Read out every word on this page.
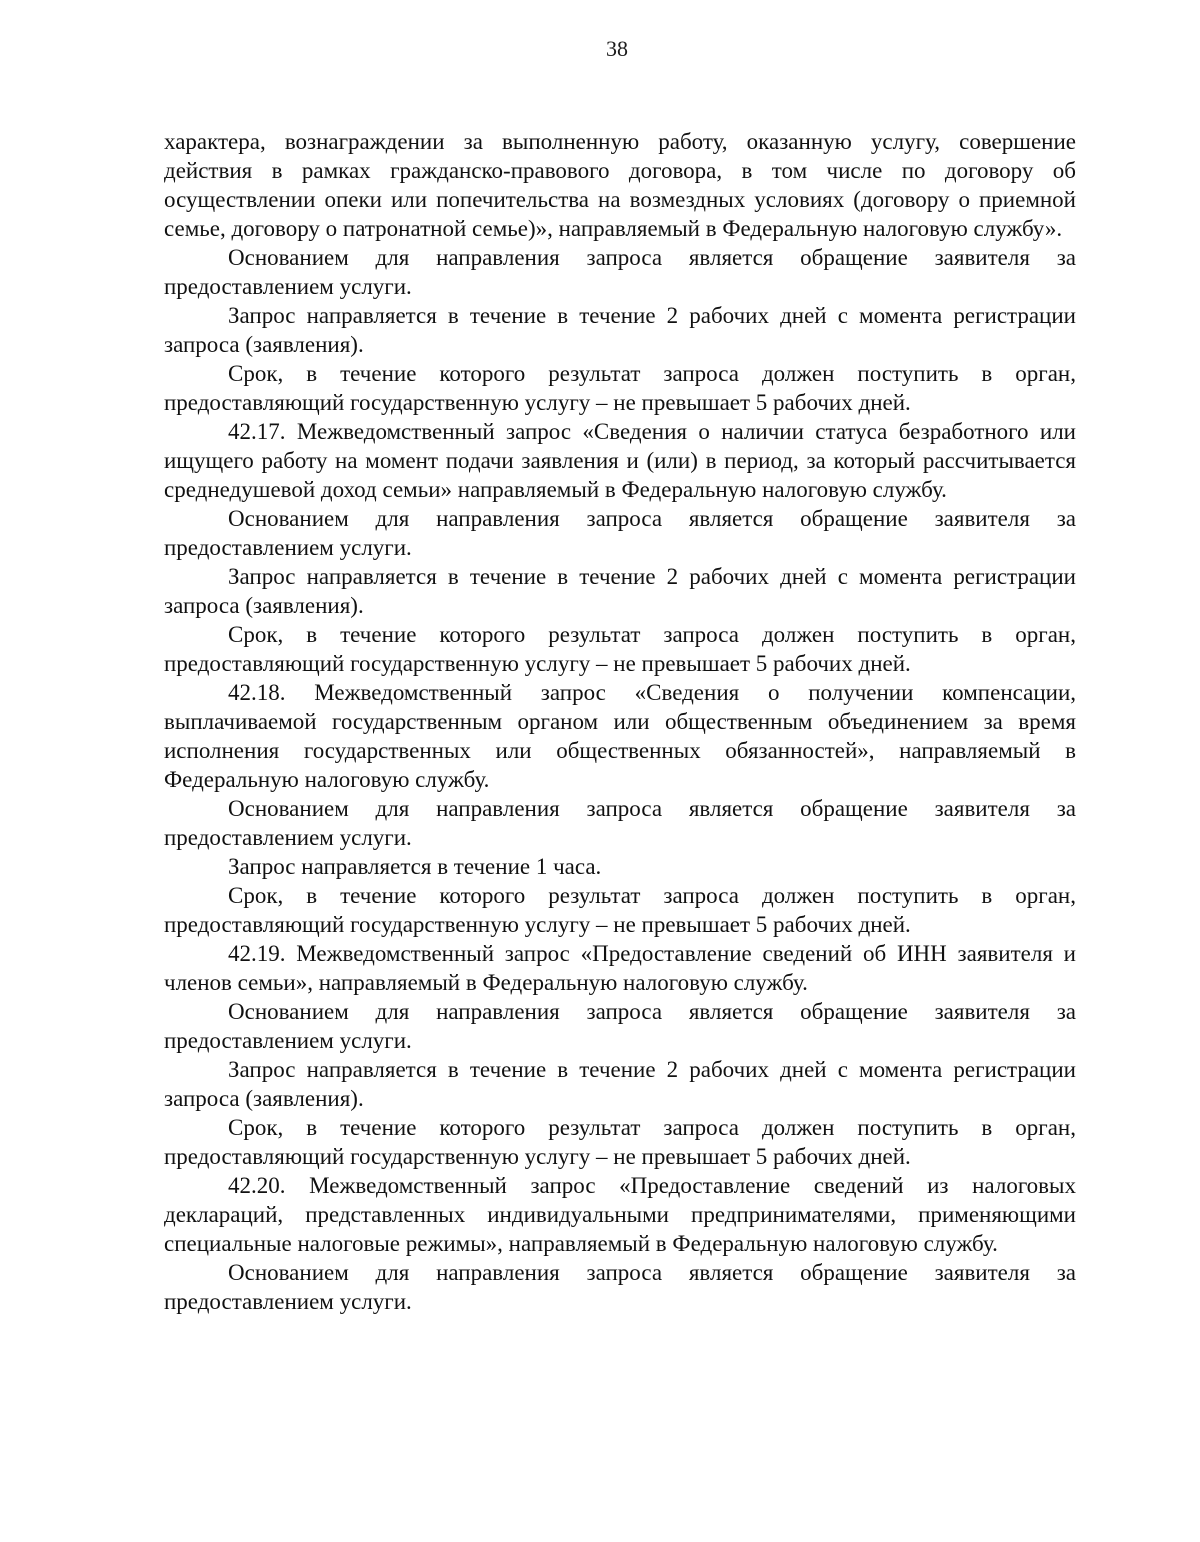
38

характера, вознаграждении за выполненную работу, оказанную услугу, совершение действия в рамках гражданско-правового договора, в том числе по договору об осуществлении опеки или попечительства на возмездных условиях (договору о приемной семье, договору о патронатной семье)», направляемый в Федеральную налоговую службу».

Основанием для направления запроса является обращение заявителя за предоставлением услуги.

Запрос направляется в течение в течение 2 рабочих дней с момента регистрации запроса (заявления).

Срок, в течение которого результат запроса должен поступить в орган, предоставляющий государственную услугу – не превышает 5 рабочих дней.

42.17. Межведомственный запрос «Сведения о наличии статуса безработного или ищущего работу на момент подачи заявления и (или) в период, за который рассчитывается среднедушевой доход семьи» направляемый в Федеральную налоговую службу.

Основанием для направления запроса является обращение заявителя за предоставлением услуги.

Запрос направляется в течение в течение 2 рабочих дней с момента регистрации запроса (заявления).

Срок, в течение которого результат запроса должен поступить в орган, предоставляющий государственную услугу – не превышает 5 рабочих дней.

42.18. Межведомственный запрос «Сведения о получении компенсации, выплачиваемой государственным органом или общественным объединением за время исполнения государственных или общественных обязанностей», направляемый в Федеральную налоговую службу.

Основанием для направления запроса является обращение заявителя за предоставлением услуги.

Запрос направляется в течение 1 часа.

Срок, в течение которого результат запроса должен поступить в орган, предоставляющий государственную услугу – не превышает 5 рабочих дней.

42.19. Межведомственный запрос «Предоставление сведений об ИНН заявителя и членов семьи», направляемый в Федеральную налоговую службу.

Основанием для направления запроса является обращение заявителя за предоставлением услуги.

Запрос направляется в течение в течение 2 рабочих дней с момента регистрации запроса (заявления).

Срок, в течение которого результат запроса должен поступить в орган, предоставляющий государственную услугу – не превышает 5 рабочих дней.

42.20. Межведомственный запрос «Предоставление сведений из налоговых деклараций, представленных индивидуальными предпринимателями, применяющими специальные налоговые режимы», направляемый в Федеральную налоговую службу.

Основанием для направления запроса является обращение заявителя за предоставлением услуги.
